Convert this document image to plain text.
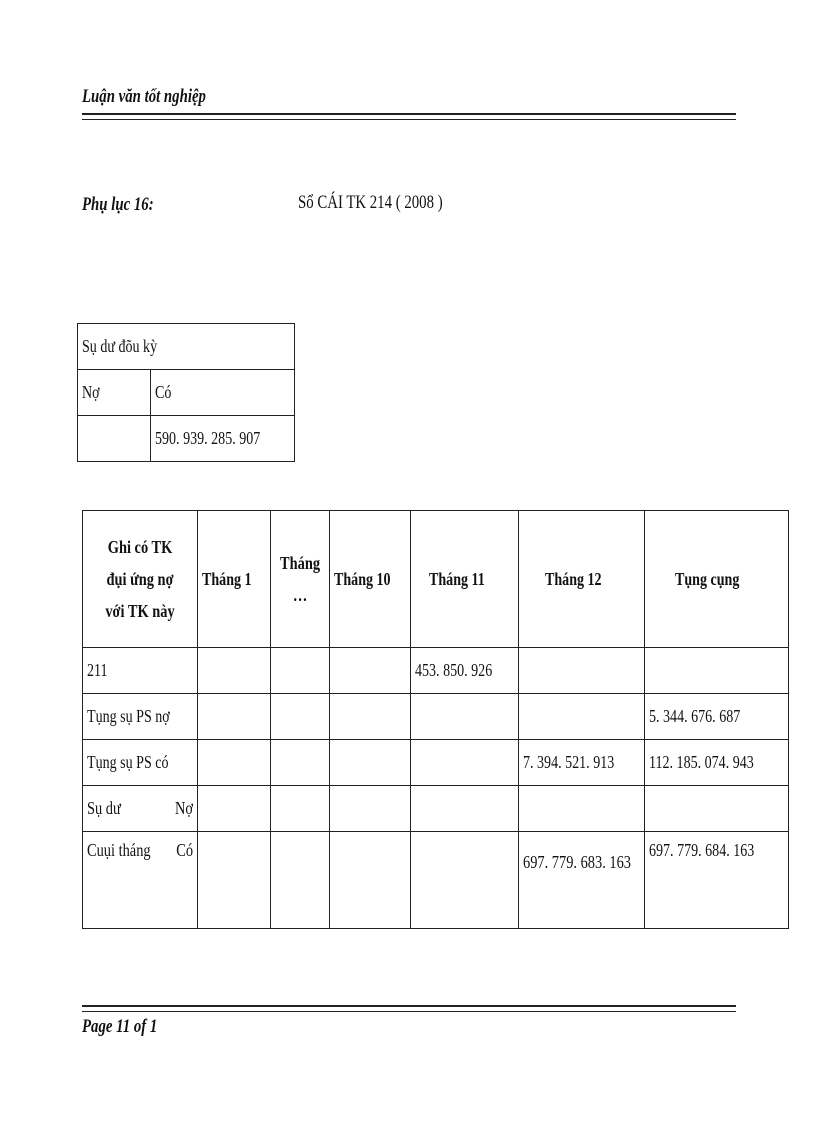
Luận văn tốt nghiệp
Phụ lục 16:	Sổ CÁI TK 214 ( 2008 )
Sụ dư đõu kỳ	
Nợ	Có
	590. 939. 285. 907
Ghi có TK đụi ứng nợ với TK này	Tháng 1	Tháng …	Tháng 10	Tháng 11	Tháng 12	Tụng cụng
211				453. 850. 926		
Tụng sụ PS nợ						5. 344. 676. 687
Tụng sụ PS có					7. 394. 521. 913	112. 185. 074. 943

Sụ dư Nợ						

Cuụi tháng Có					697. 779. 683. 163	697. 779. 684. 163
Page 11 of 1
